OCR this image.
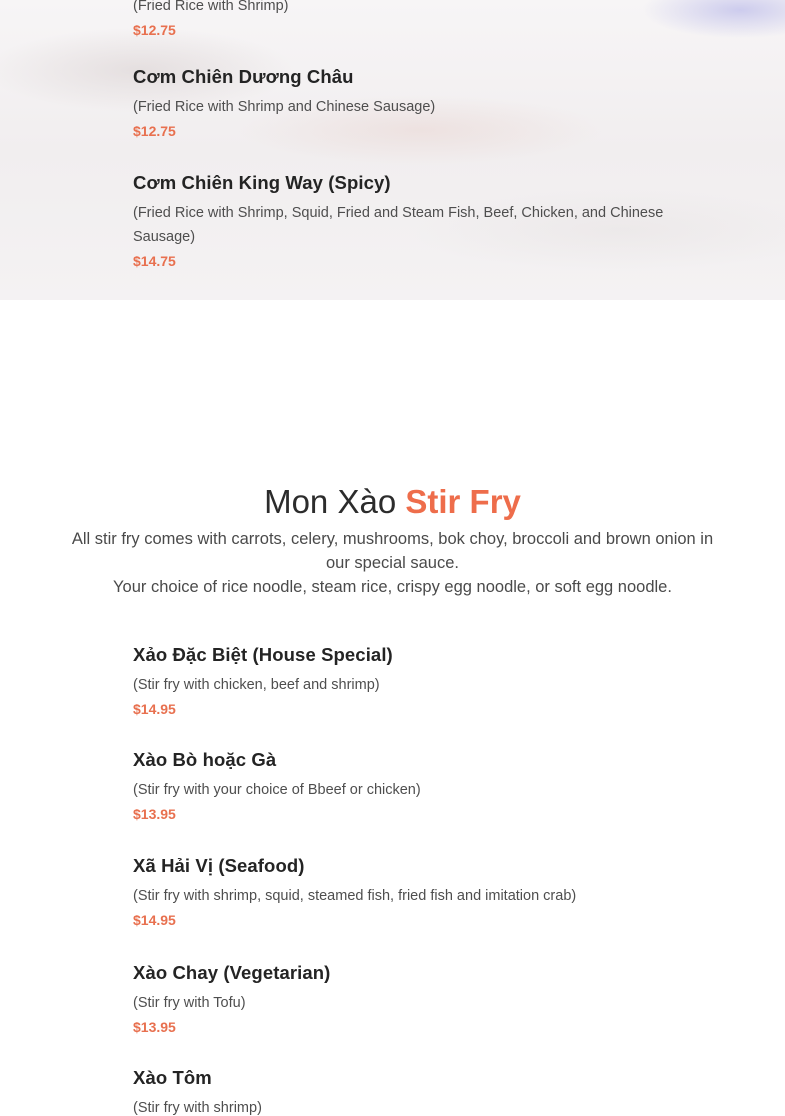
(Fried Rice with Shrimp)
$12.75
Cơm Chiên Dương Châu
(Fried Rice with Shrimp and Chinese Sausage)
$12.75
Cơm Chiên King Way (Spicy)
(Fried Rice with Shrimp, Squid, Fried and Steam Fish, Beef, Chicken, and Chinese Sausage)
$14.75
Mon Xào Stir Fry

All stir fry comes with carrots, celery, mushrooms, bok choy, broccoli and brown onion in our special sauce.

Your choice of rice noodle, steam rice, crispy egg noodle, or soft egg noodle.

Xảo Đặc Biệt (House Special)
(Stir fry with chicken, beef and shrimp)
$14.95
Xào Bò hoặc Gà
(Stir fry with your choice of Bbeef or chicken)
$13.95
Xã Hải Vị (Seafood)
(Stir fry with shrimp, squid, steamed fish, fried fish and imitation crab)
$14.95
Xào Chay (Vegetarian)
(Stir fry with Tofu)
$13.95
Xào Tôm
(Stir fry with shrimp)
